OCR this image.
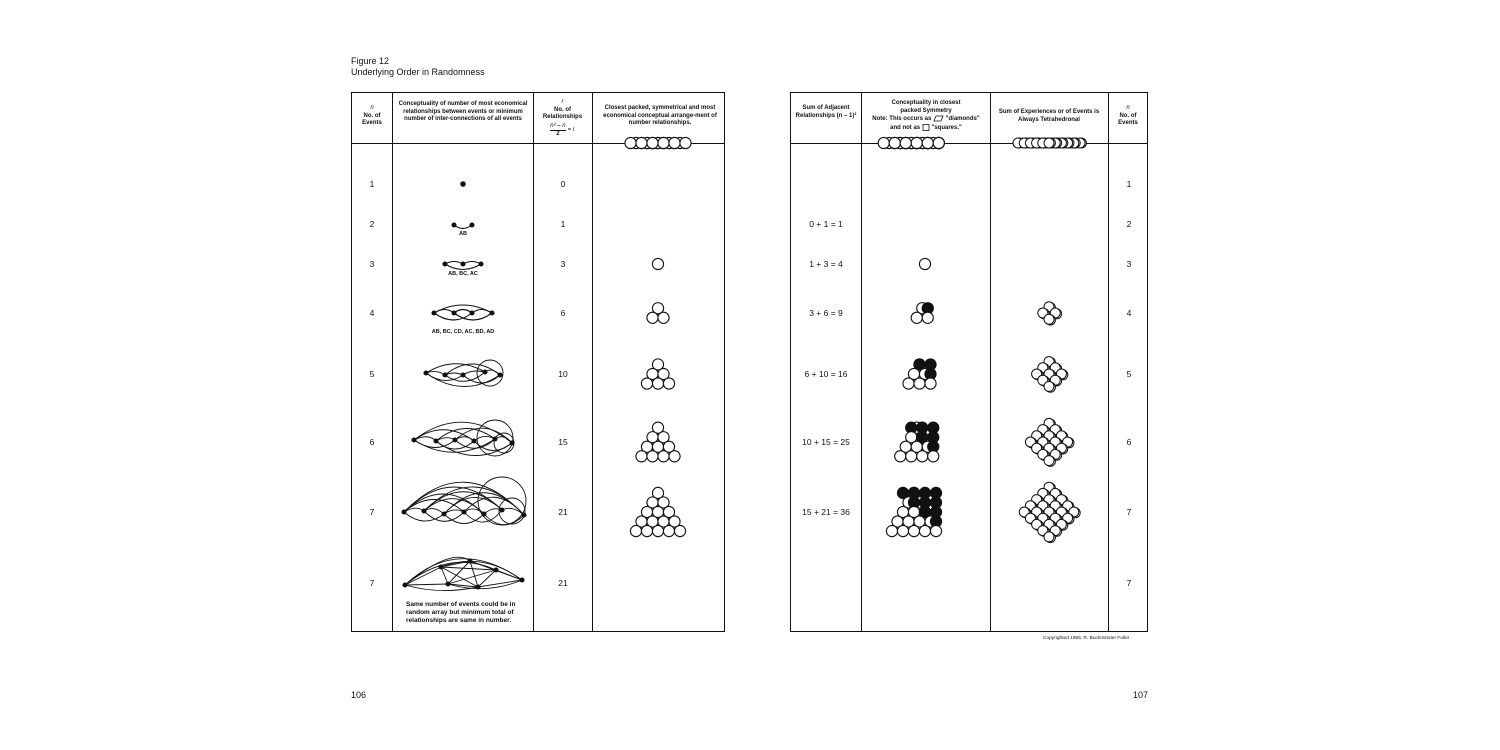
Figure 12
Underlying Order in Randomness
n
No. of Events
Conceptuality of number of most economical relationships between events or minimum number of inter-connections of all events
r
No. of Relationships
$\frac{\text{n² – n}}{2} = r$
Closest packed, symmetrical and most economical conceptual arrange-ment of number relationships.
1
2
3
4
5
6
7
7
0
1
3
6
10
15
21
21
AB
AB, BC, AC
AB, BC, CD, AC, BD, AD
Same number of events could be in random array but minimum total of relationships are same in number.
Sum of Adjacent Relationships (n – 1)²
Conceptuality in closest packed Symmetry
Note: This occurs as "diamonds"
and not as "squares."
Sum of Experiences or of Events is Always Tetrahedronal
n
No. of Events
0 + 1 = 1
1 + 3 = 4
3 + 6 = 9
6 + 10 = 16
10 + 15 = 25
15 + 21 = 36
1
2
3
4
5
6
7
7
Copyrighted 1965, R. Buckminster Fuller
106	107
